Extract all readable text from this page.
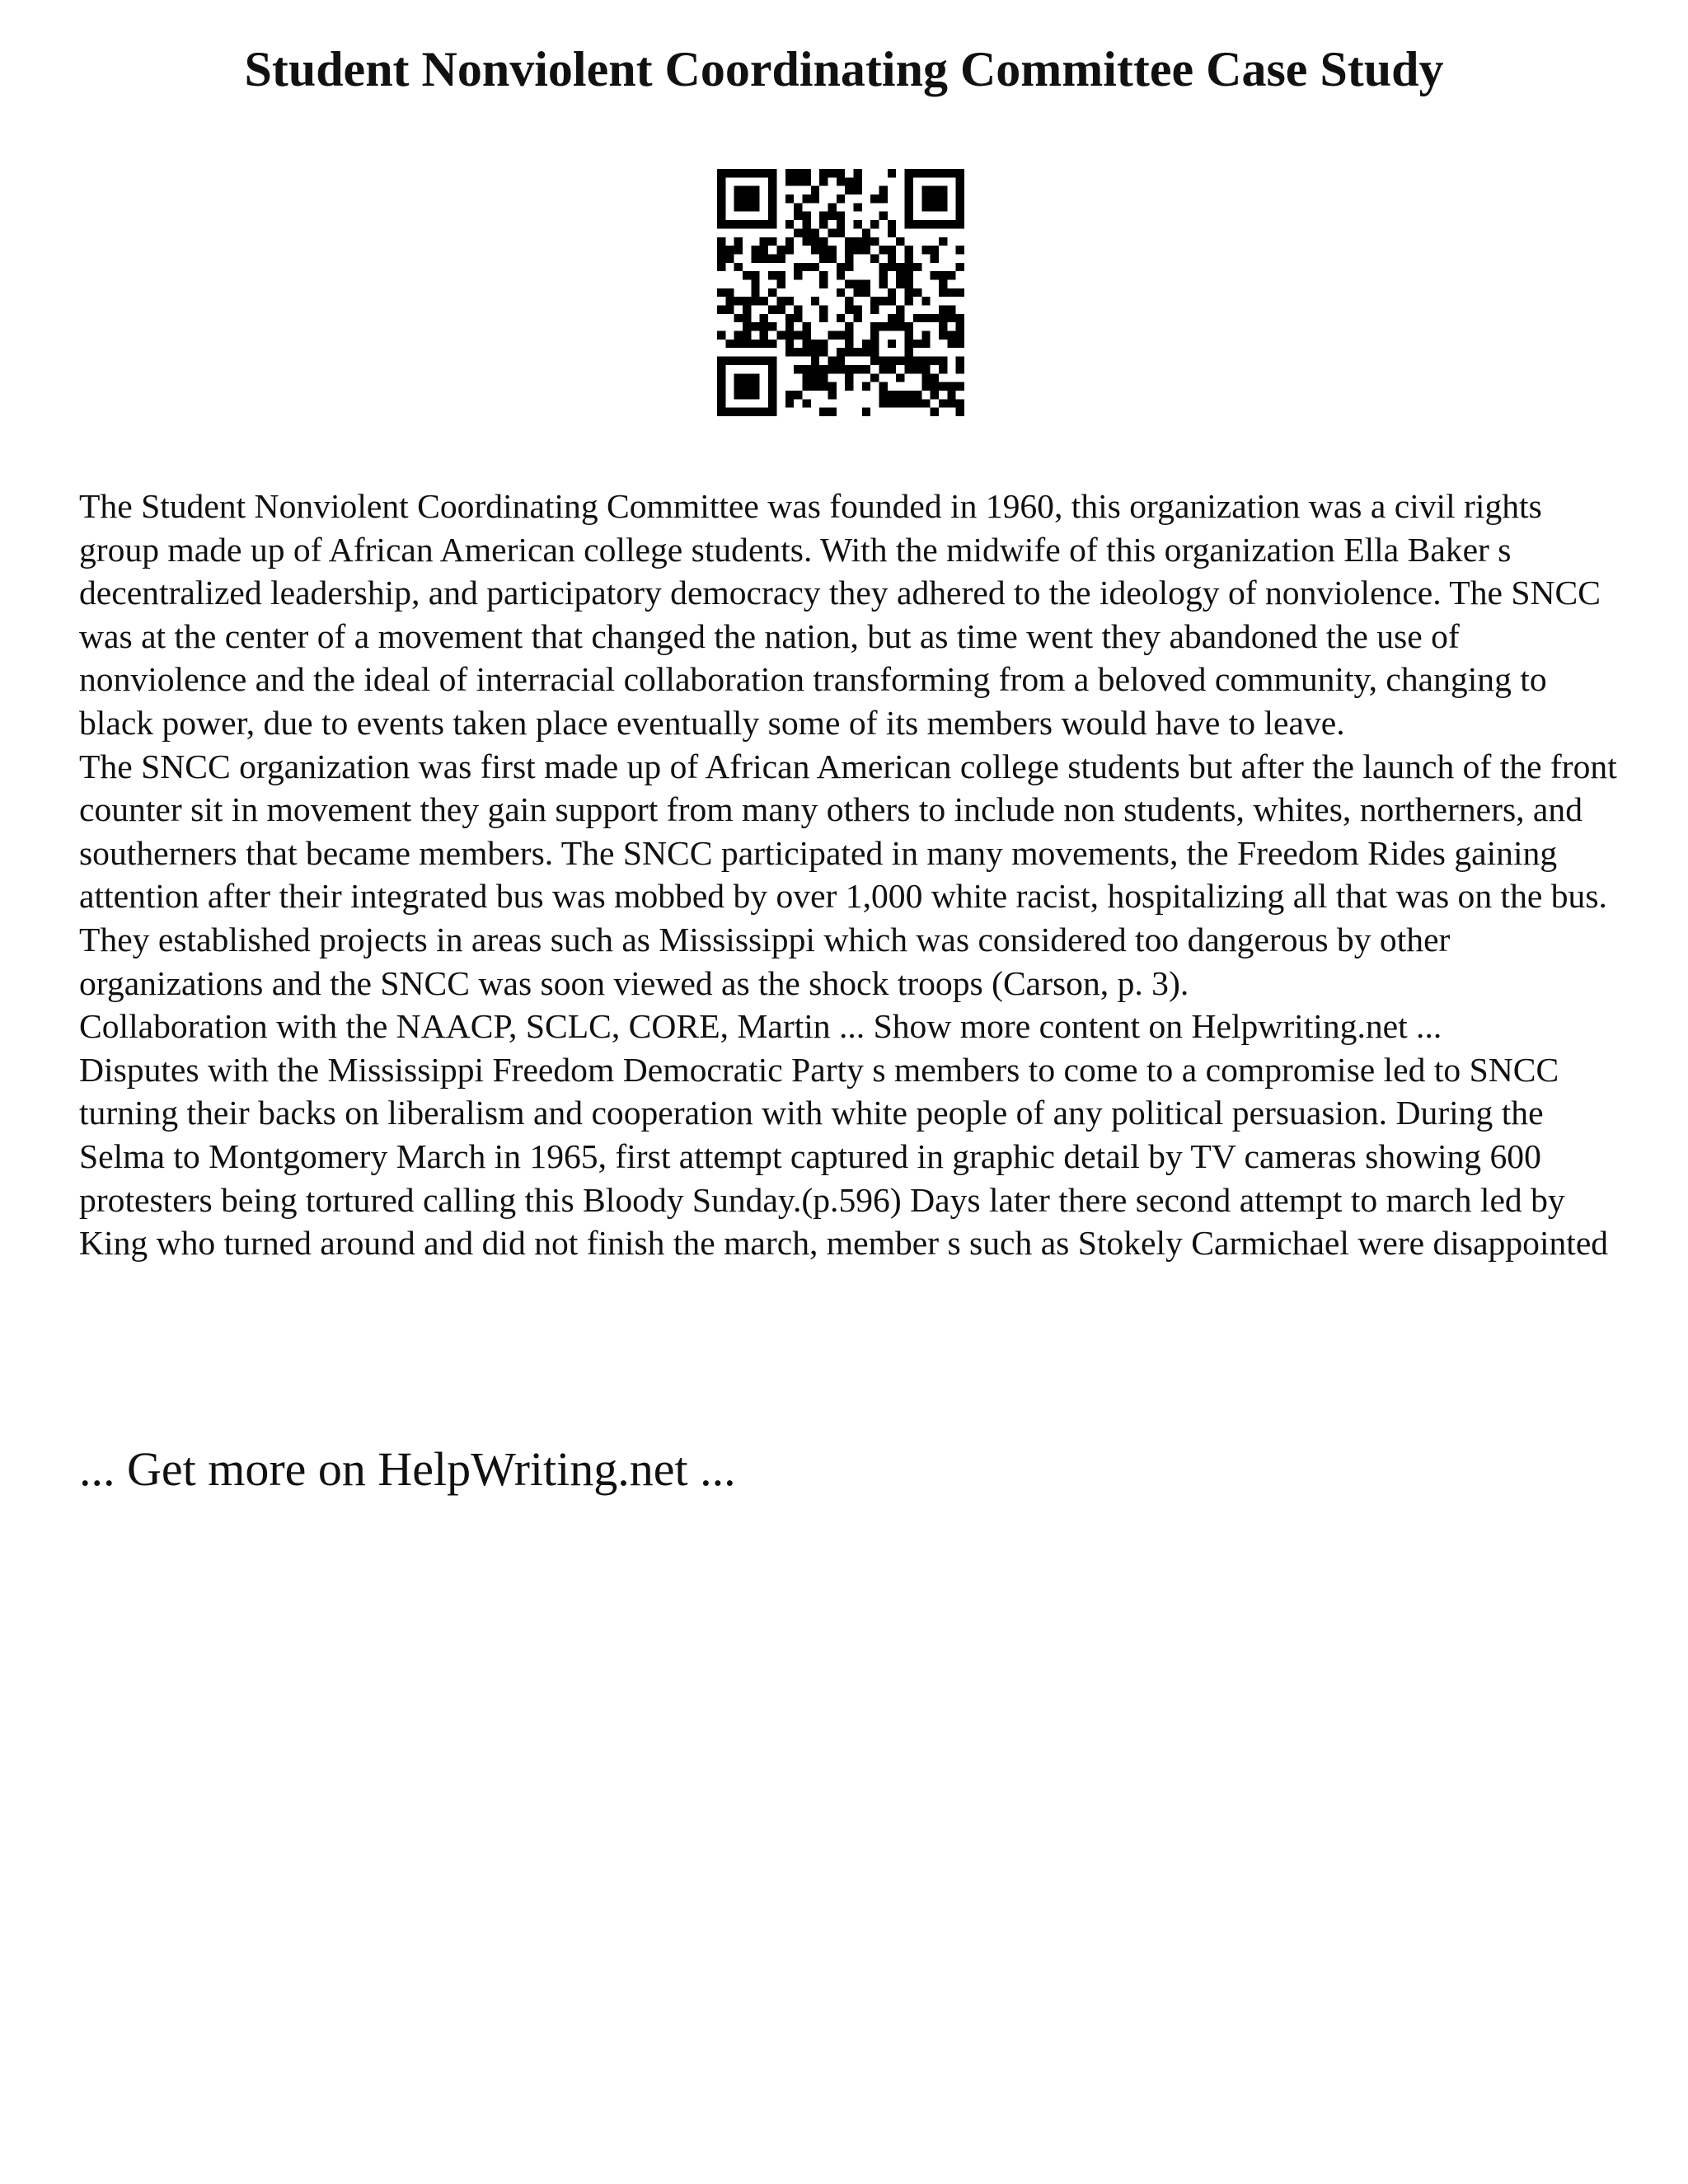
Student Nonviolent Coordinating Committee Case Study

The Student Nonviolent Coordinating Committee was founded in 1960, this organization was a civil rights group made up of African American college students. With the midwife of this organization Ella Baker s decentralized leadership, and participatory democracy they adhered to the ideology of nonviolence. The SNCC was at the center of a movement that changed the nation, but as time went they abandoned the use of nonviolence and the ideal of interracial collaboration transforming from a beloved community, changing to black power, due to events taken place eventually some of its members would have to leave.

The SNCC organization was first made up of African American college students but after the launch of the front counter sit in movement they gain support from many others to include non students, whites, northerners, and southerners that became members. The SNCC participated in many movements, the Freedom Rides gaining attention after their integrated bus was mobbed by over 1,000 white racist, hospitalizing all that was on the bus. They established projects in areas such as Mississippi which was considered too dangerous by other organizations and the SNCC was soon viewed as the shock troops (Carson, p. 3).

Collaboration with the NAACP, SCLC, CORE, Martin ... Show more content on Helpwriting.net ...

Disputes with the Mississippi Freedom Democratic Party s members to come to a compromise led to SNCC turning their backs on liberalism and cooperation with white people of any political persuasion. During the Selma to Montgomery March in 1965, first attempt captured in graphic detail by TV cameras showing 600 protesters being tortured calling this Bloody Sunday.(p.596) Days later there second attempt to march led by King who turned around and did not finish the march, member s such as Stokely Carmichael were disappointed

... Get more on HelpWriting.net ...
